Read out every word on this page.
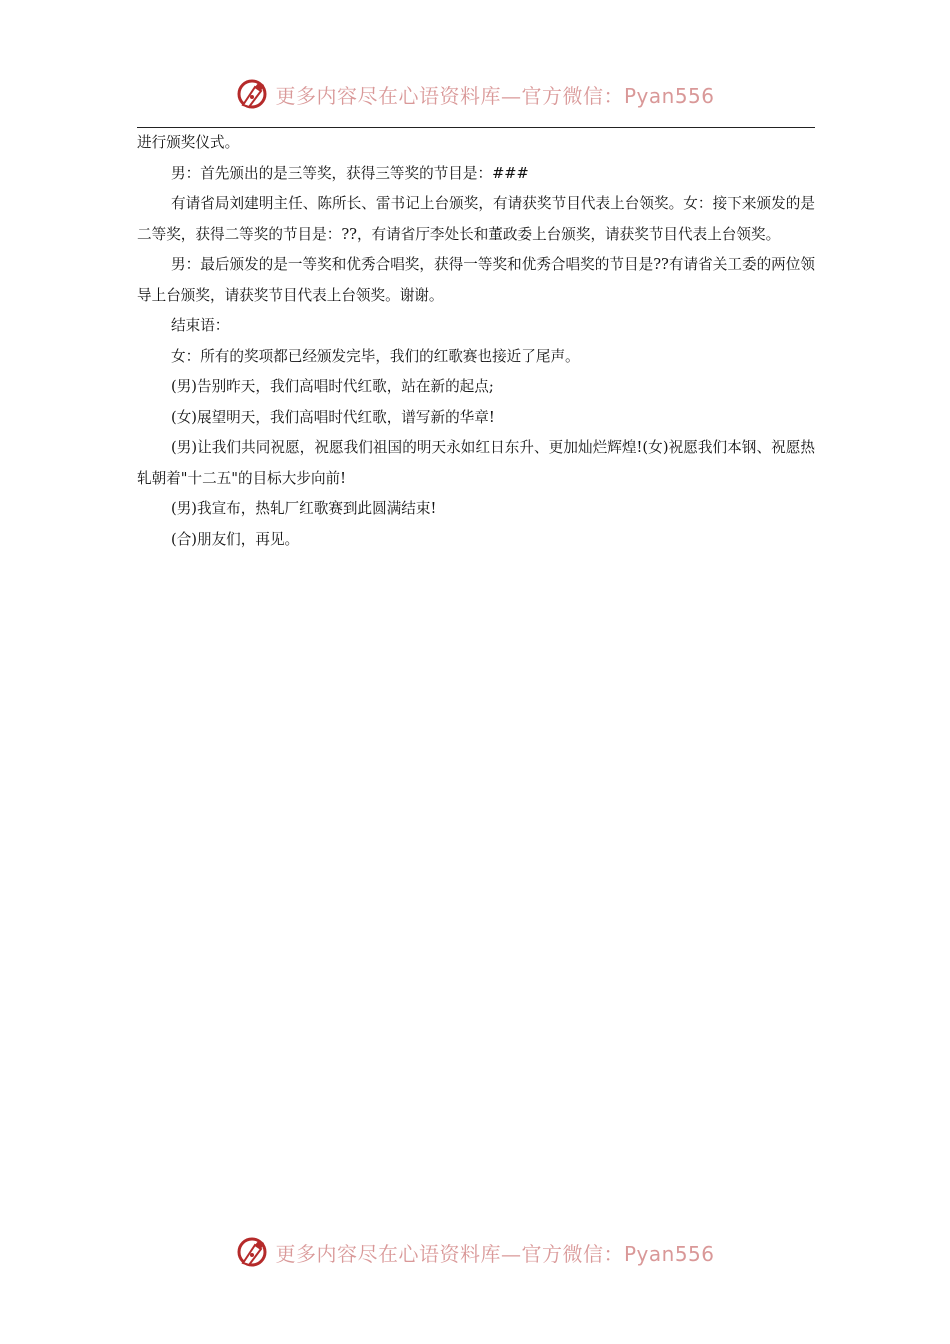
更多内容尽在心语资料库—官方微信：Pyan556

进行颁奖仪式。

男：首先颁出的是三等奖，获得三等奖的节目是：###

有请省局刘建明主任、陈所长、雷书记上台颁奖，有请获奖节目代表上台领奖。女：接下来颁发的是二等奖，获得二等奖的节目是：??，有请省厅李处长和董政委上台颁奖，请获奖节目代表上台领奖。

男：最后颁发的是一等奖和优秀合唱奖，获得一等奖和优秀合唱奖的节目是??有请省关工委的两位领导上台颁奖，请获奖节目代表上台领奖。谢谢。

结束语：

女：所有的奖项都已经颁发完毕，我们的红歌赛也接近了尾声。

(男)告别昨天，我们高唱时代红歌，站在新的起点;

(女)展望明天，我们高唱时代红歌，谱写新的华章!

(男)让我们共同祝愿，祝愿我们祖国的明天永如红日东升、更加灿烂辉煌!(女)祝愿我们本钢、祝愿热轧朝着"十二五"的目标大步向前!

(男)我宣布，热轧厂红歌赛到此圆满结束!

(合)朋友们，再见。

更多内容尽在心语资料库—官方微信：Pyan556
